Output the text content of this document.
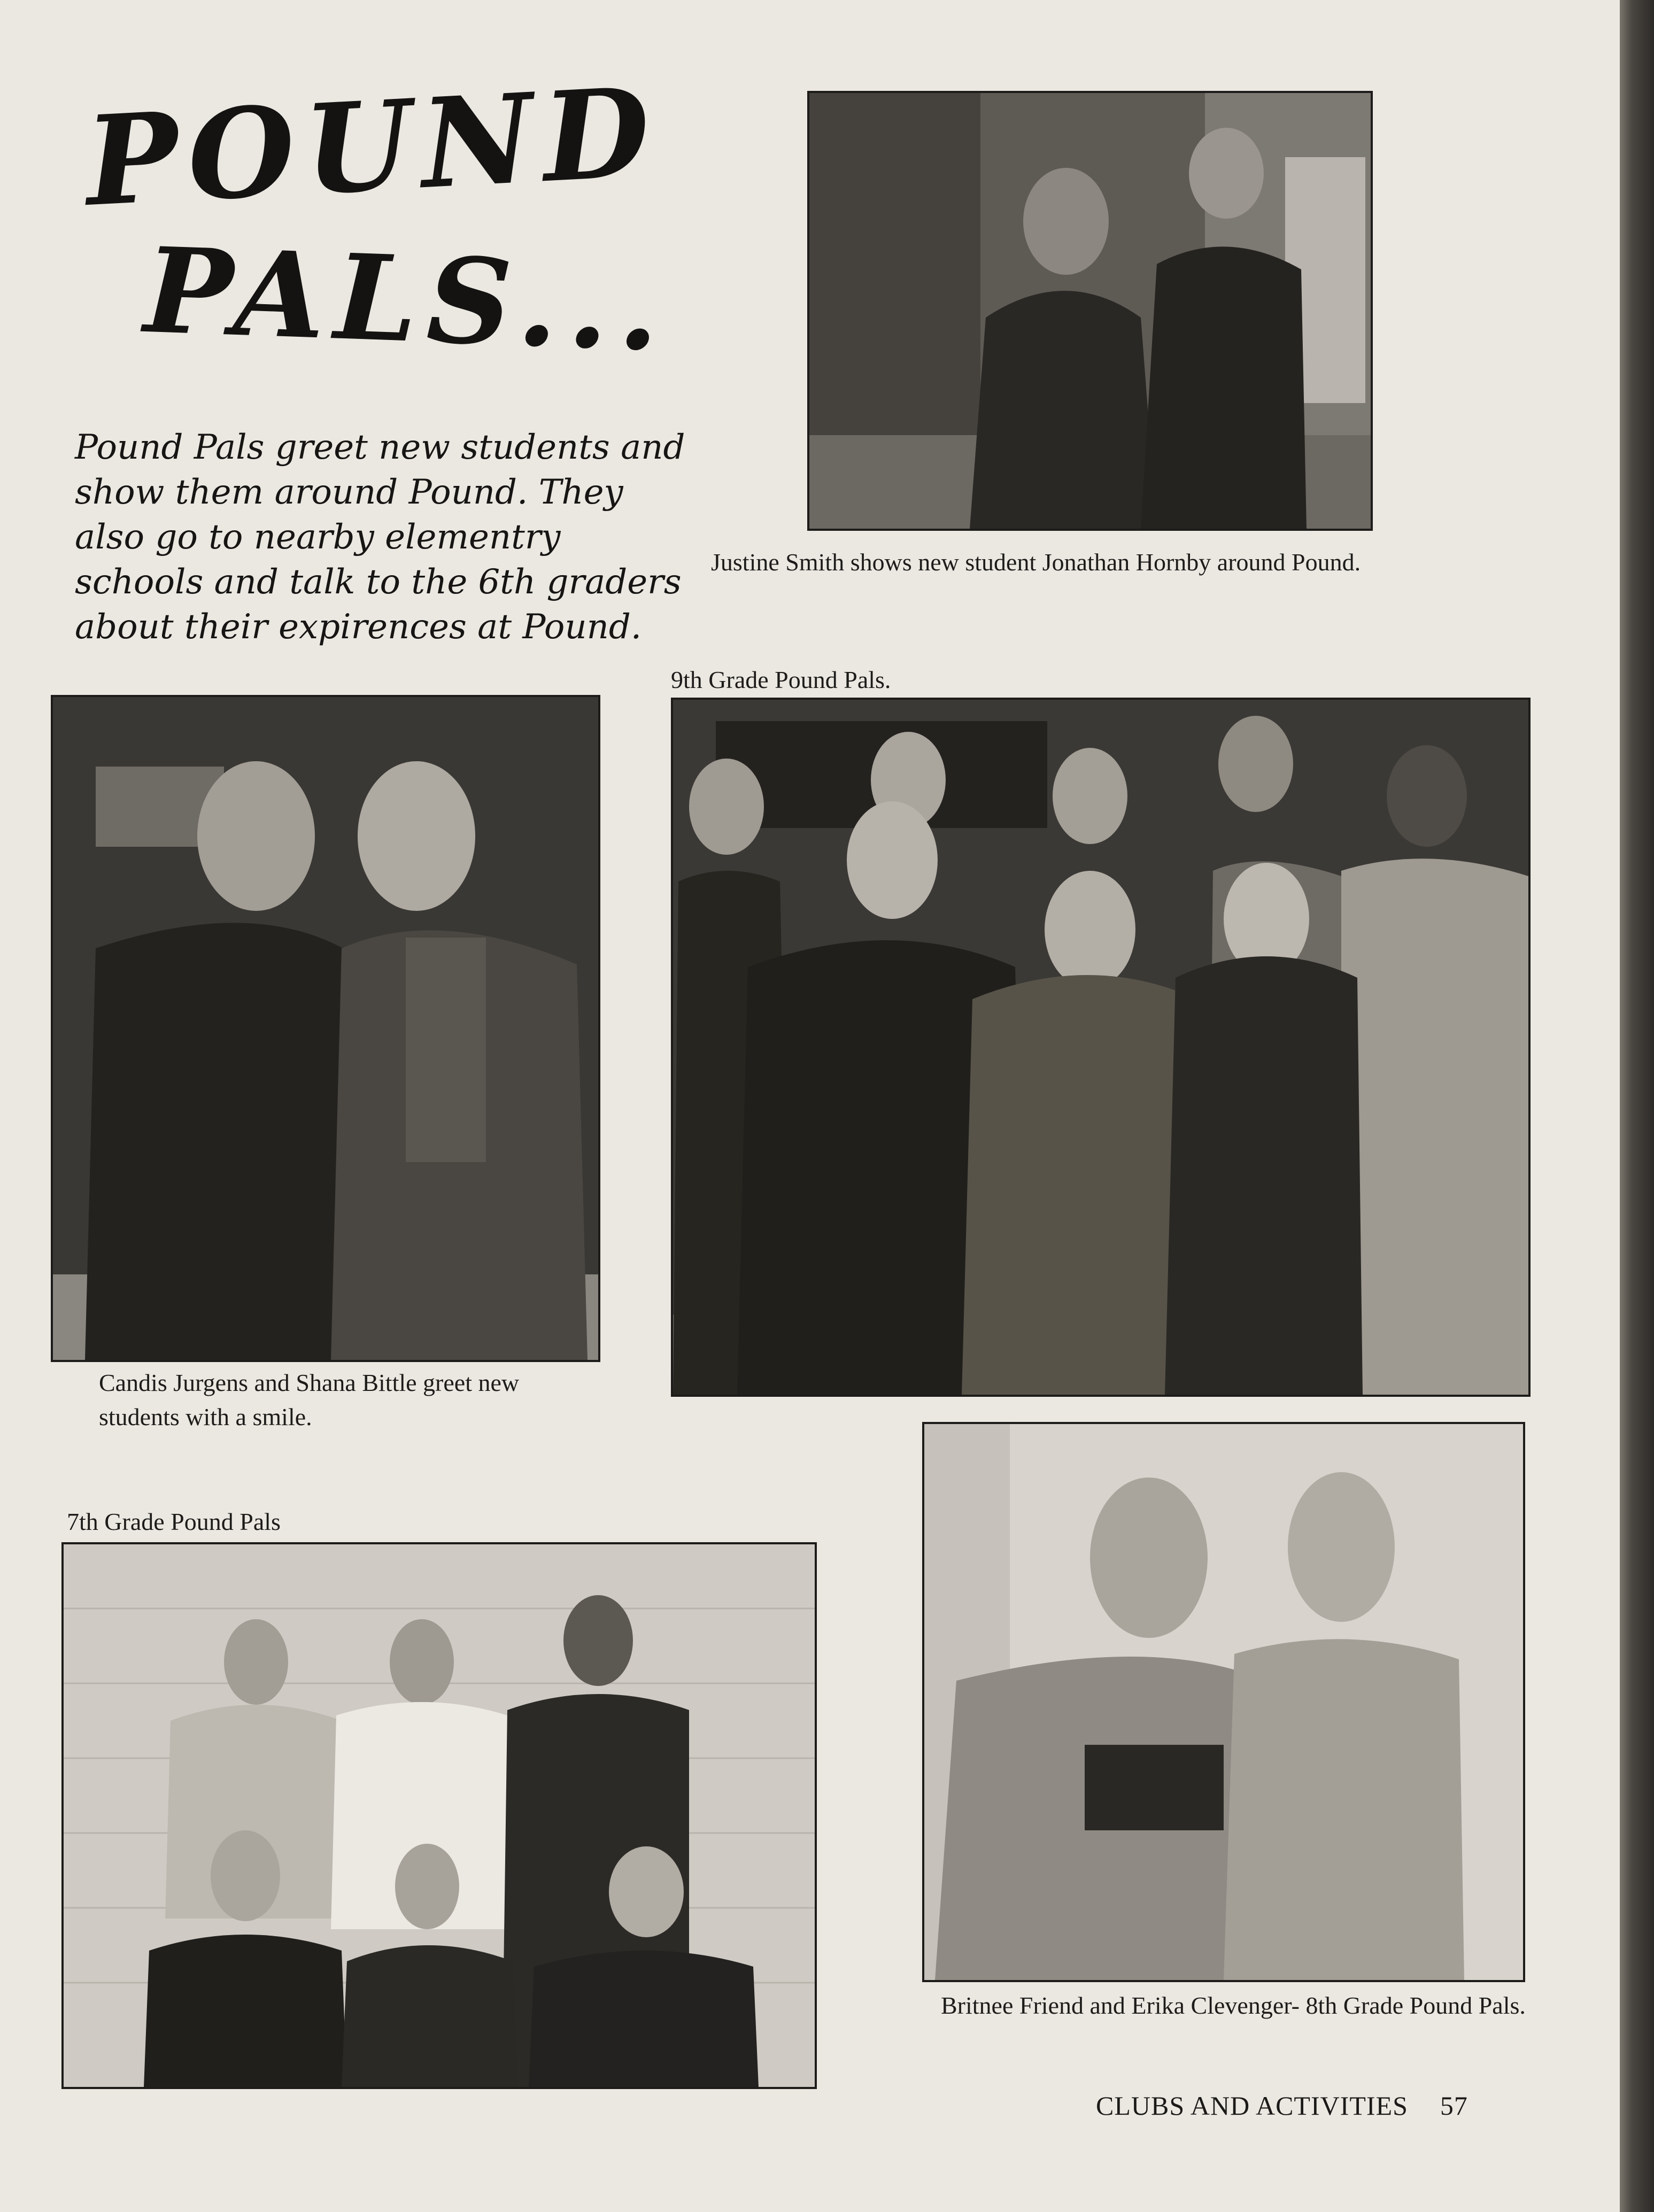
POUND
PALS...
Pound Pals greet new students and show them around Pound. They also go to nearby elementry schools and talk to the 6th graders about their expirences at Pound.
Justine Smith shows new student Jonathan Hornby around Pound.
9th Grade Pound Pals.
Candis Jurgens and Shana Bittle greet new students with a smile.
7th Grade Pound Pals
Britnee Friend and Erika Clevenger- 8th Grade Pound Pals.
CLUBS AND ACTIVITIES 57
